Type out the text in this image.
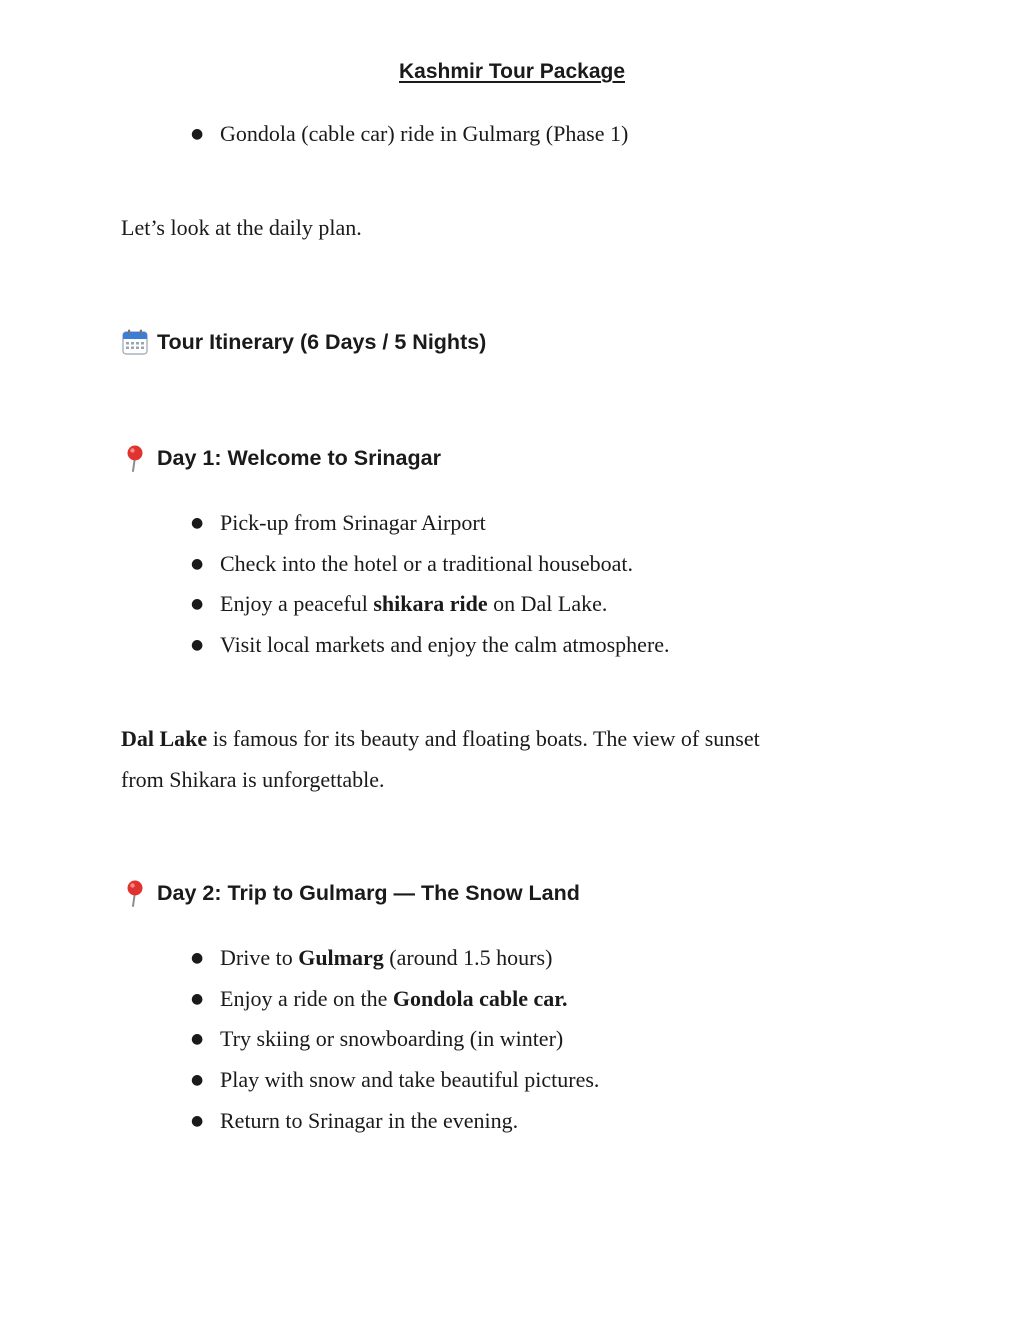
Kashmir Tour Package
● Gondola (cable car) ride in Gulmarg (Phase 1)

Let’s look at the daily plan.

Tour Itinerary (6 Days / 5 Nights)
Day 1: Welcome to Srinagar
● Pick-up from Srinagar Airport
● Check into the hotel or a traditional houseboat.
● Enjoy a peaceful shikara ride on Dal Lake.
● Visit local markets and enjoy the calm atmosphere.

Dal Lake is famous for its beauty and floating boats. The view of sunset
from Shikara is unforgettable.

Day 2: Trip to Gulmarg — The Snow Land
● Drive to Gulmarg (around 1.5 hours)
● Enjoy a ride on the Gondola cable car.
● Try skiing or snowboarding (in winter)
● Play with snow and take beautiful pictures.
● Return to Srinagar in the evening.
